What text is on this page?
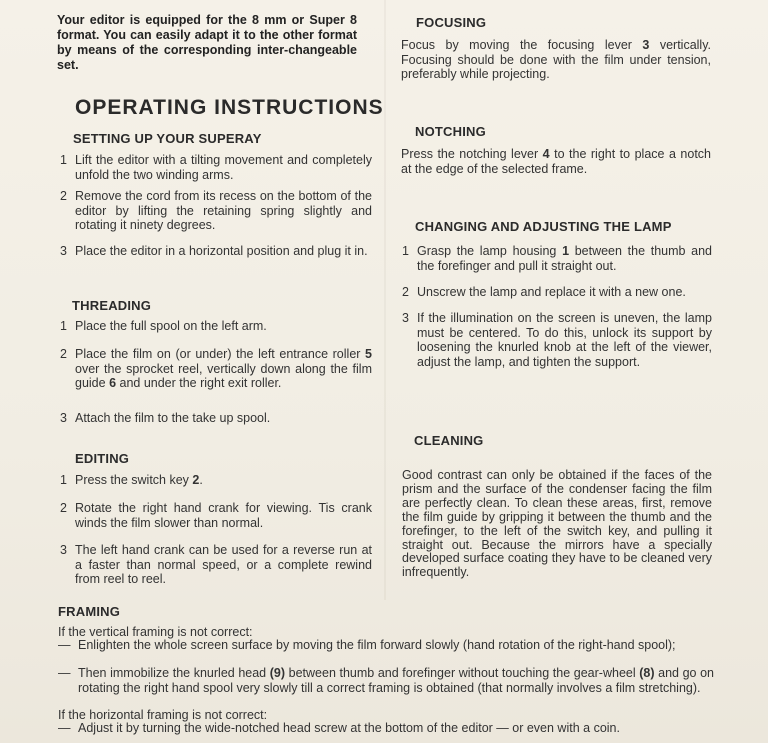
Your editor is equipped for the 8 mm or Super 8 format. You can easily adapt it to the other format by means of the corresponding inter-changeable set.
OPERATING INSTRUCTIONS
SETTING UP YOUR SUPERAY
1 Lift the editor with a tilting movement and completely unfold the two winding arms.
2 Remove the cord from its recess on the bottom of the editor by lifting the retaining spring slightly and rotating it ninety degrees.
3 Place the editor in a horizontal position and plug it in.
THREADING
1 Place the full spool on the left arm.
2 Place the film on (or under) the left entrance roller 5 over the sprocket reel, vertically down along the film guide 6 and under the right exit roller.
3 Attach the film to the take up spool.
EDITING
1 Press the switch key 2.
2 Rotate the right hand crank for viewing. Tis crank winds the film slower than normal.
3 The left hand crank can be used for a reverse run at a faster than normal speed, or a complete rewind from reel to reel.
FOCUSING
Focus by moving the focusing lever 3 vertically. Focusing should be done with the film under tension, preferably while projecting.
NOTCHING
Press the notching lever 4 to the right to place a notch at the edge of the selected frame.
CHANGING AND ADJUSTING THE LAMP
1 Grasp the lamp housing 1 between the thumb and the forefinger and pull it straight out.
2 Unscrew the lamp and replace it with a new one.
3 If the illumination on the screen is uneven, the lamp must be centered. To do this, unlock its support by loosening the knurled knob at the left of the viewer, adjust the lamp, and tighten the support.
CLEANING
Good contrast can only be obtained if the faces of the prism and the surface of the condenser facing the film are perfectly clean. To clean these areas, first, remove the film guide by gripping it between the thumb and the forefinger, to the left of the switch key, and pulling it straight out. Because the mirrors have a specially developed surface coating they have to be cleaned very infrequently.
FRAMING
If the vertical framing is not correct:
— Enlighten the whole screen surface by moving the film forward slowly (hand rotation of the right-hand spool);
— Then immobilize the knurled head (9) between thumb and forefinger without touching the gear-wheel (8) and go on rotating the right hand spool very slowly till a correct framing is obtained (that normally involves a film stretching).
If the horizontal framing is not correct:
— Adjust it by turning the wide-notched head screw at the bottom of the editor — or even with a coin.
